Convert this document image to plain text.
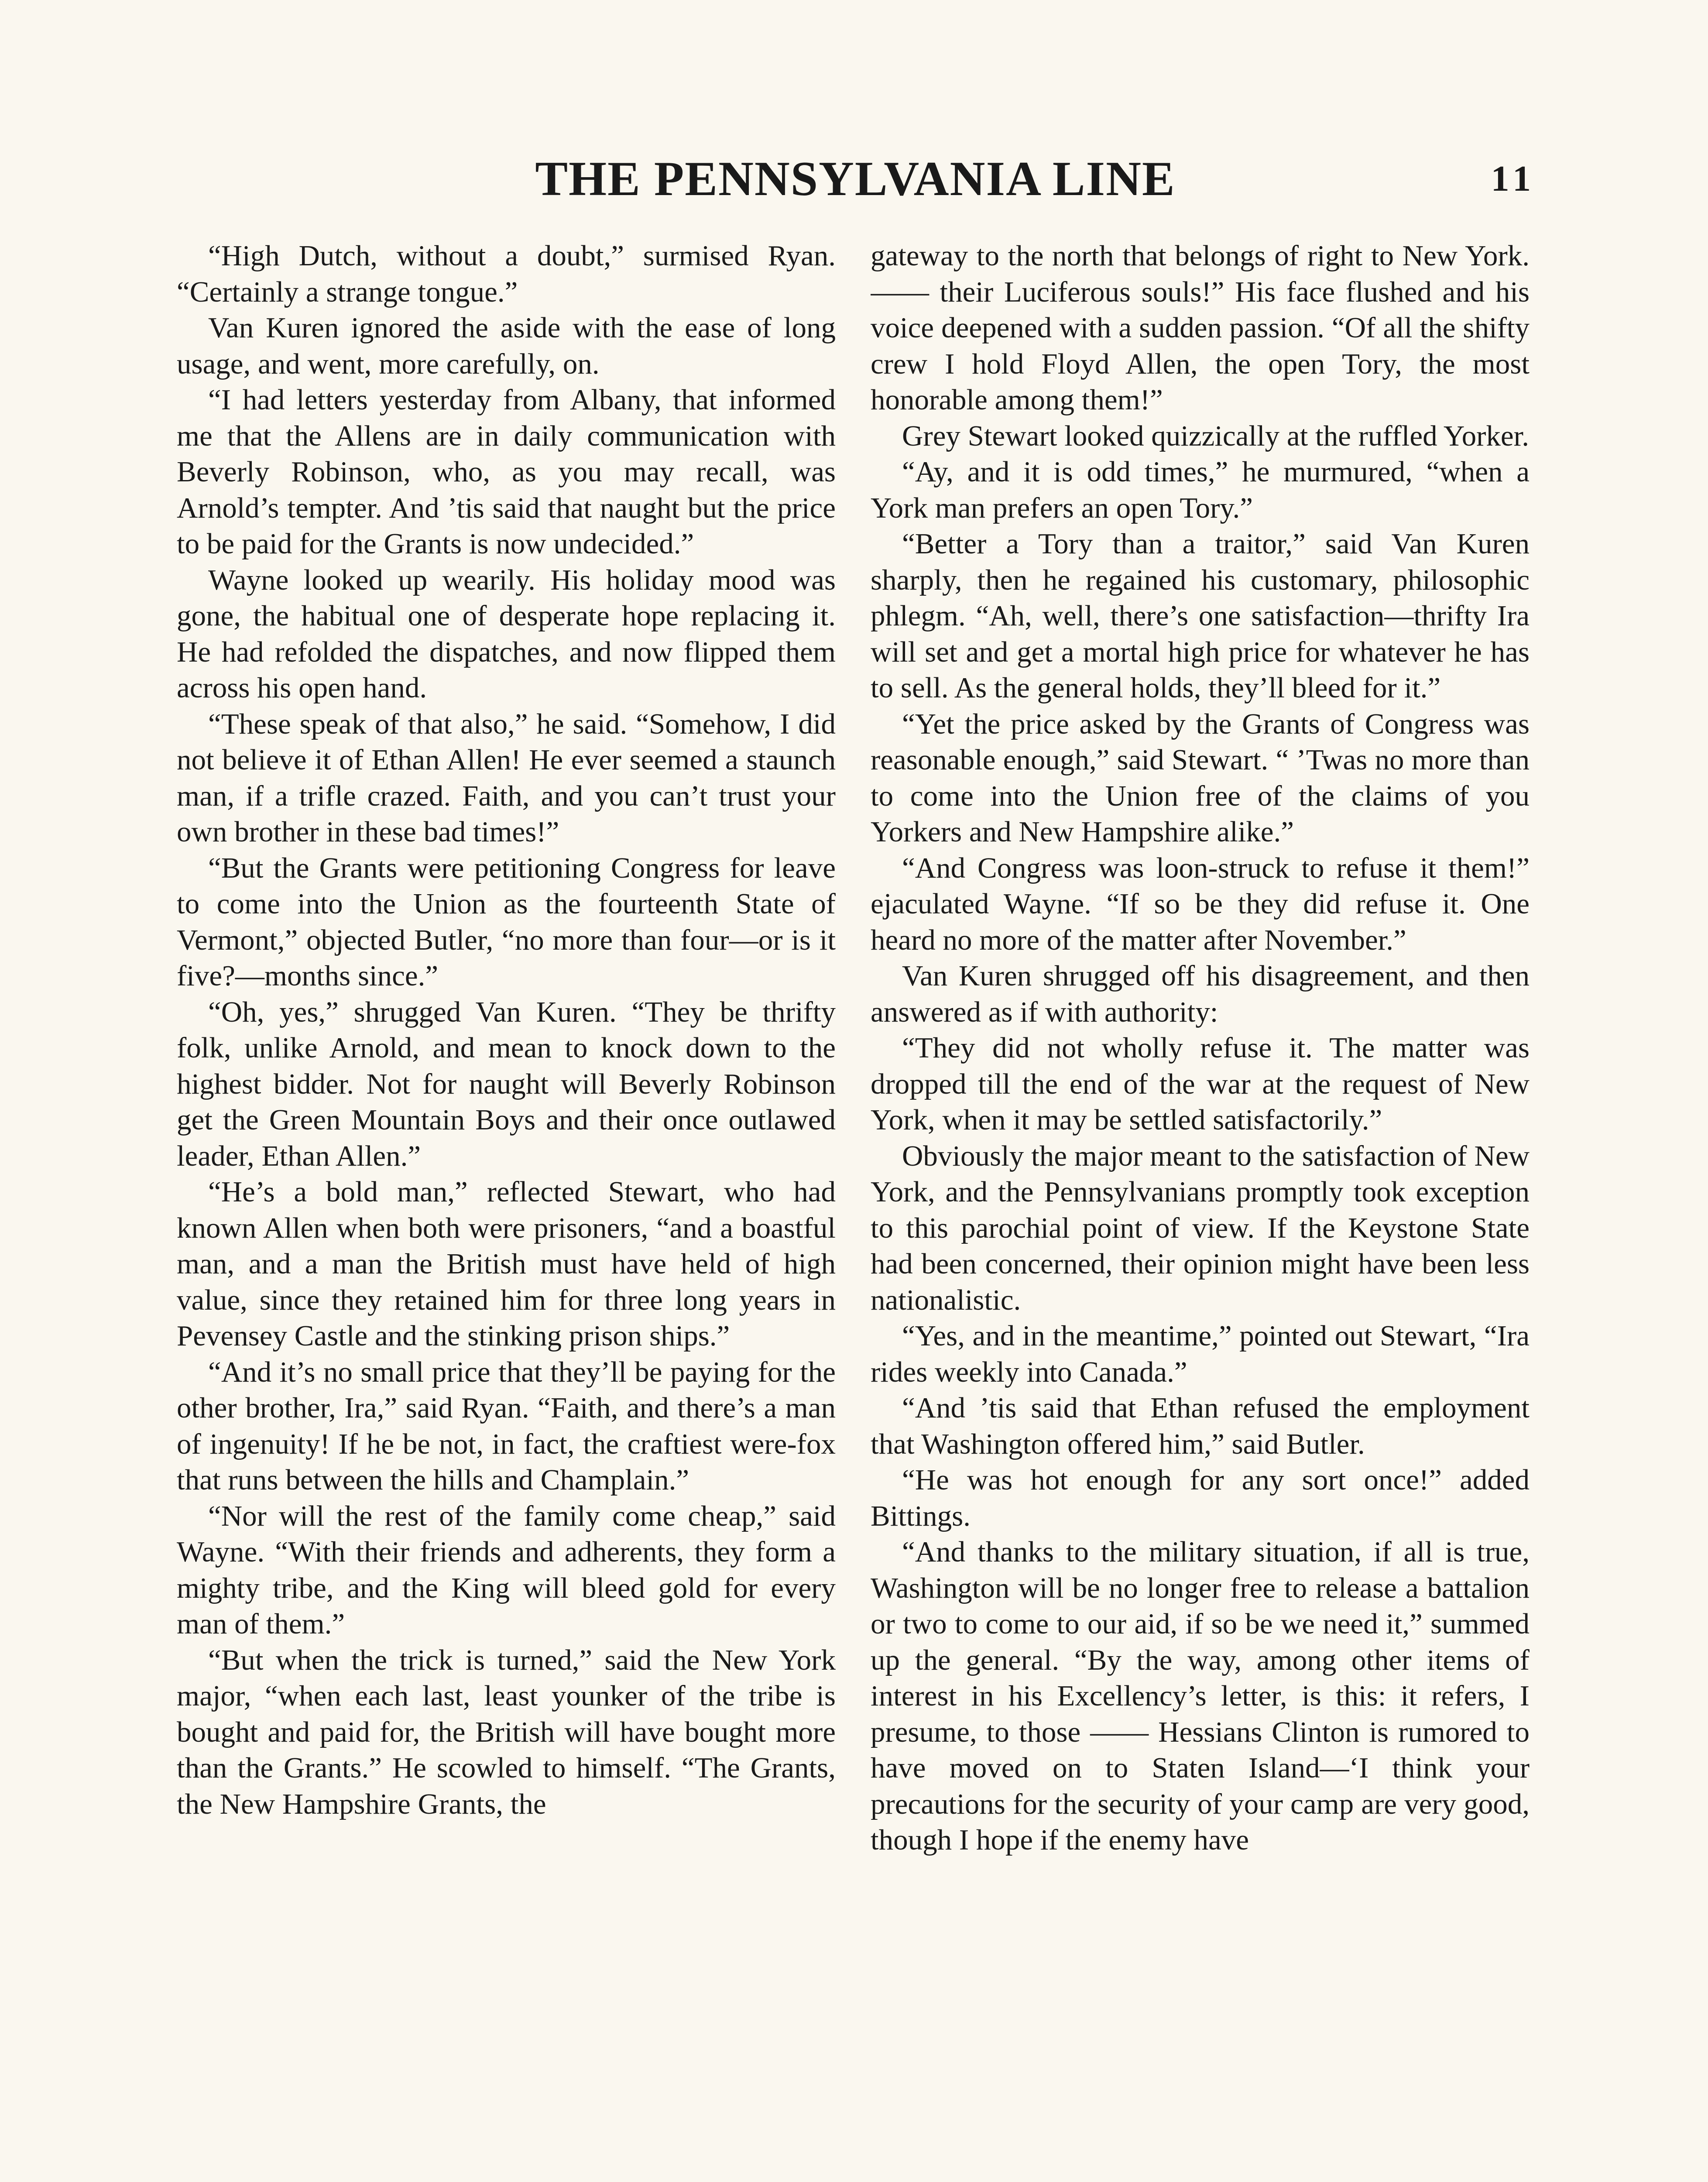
THE PENNSYLVANIA LINE	11

“High Dutch, without a doubt,” surmised Ryan. “Certainly a strange tongue.”

Van Kuren ignored the aside with the ease of long usage, and went, more carefully, on.

“I had letters yesterday from Albany, that informed me that the Allens are in daily communication with Beverly Robinson, who, as you may recall, was Arnold’s tempter. And ’tis said that naught but the price to be paid for the Grants is now undecided.”

Wayne looked up wearily. His holiday mood was gone, the habitual one of desperate hope replacing it. He had refolded the dispatches, and now flipped them across his open hand.

“These speak of that also,” he said. “Somehow, I did not believe it of Ethan Allen! He ever seemed a staunch man, if a trifle crazed. Faith, and you can’t trust your own brother in these bad times!”

“But the Grants were petitioning Congress for leave to come into the Union as the fourteenth State of Vermont,” objected Butler, “no more than four—or is it five?—months since.”

“Oh, yes,” shrugged Van Kuren. “They be thrifty folk, unlike Arnold, and mean to knock down to the highest bidder. Not for naught will Beverly Robinson get the Green Mountain Boys and their once outlawed leader, Ethan Allen.”

“He’s a bold man,” reflected Stewart, who had known Allen when both were prisoners, “and a boastful man, and a man the British must have held of high value, since they retained him for three long years in Pevensey Castle and the stinking prison ships.”

“And it’s no small price that they’ll be paying for the other brother, Ira,” said Ryan. “Faith, and there’s a man of ingenuity! If he be not, in fact, the craftiest were-fox that runs between the hills and Champlain.”

“Nor will the rest of the family come cheap,” said Wayne. “With their friends and adherents, they form a mighty tribe, and the King will bleed gold for every man of them.”

“But when the trick is turned,” said the New York major, “when each last, least younker of the tribe is bought and paid for, the British will have bought more than the Grants.” He scowled to himself. “The Grants, the New Hampshire Grants, the

gateway to the north that belongs of right to New York. —— their Luciferous souls!” His face flushed and his voice deepened with a sudden passion. “Of all the shifty crew I hold Floyd Allen, the open Tory, the most honorable among them!”

Grey Stewart looked quizzically at the ruffled Yorker.

“Ay, and it is odd times,” he murmured, “when a York man prefers an open Tory.”

“Better a Tory than a traitor,” said Van Kuren sharply, then he regained his customary, philosophic phlegm. “Ah, well, there’s one satisfaction—thrifty Ira will set and get a mortal high price for whatever he has to sell. As the general holds, they’ll bleed for it.”

“Yet the price asked by the Grants of Congress was reasonable enough,” said Stewart. “ ’Twas no more than to come into the Union free of the claims of you Yorkers and New Hampshire alike.”

“And Congress was loon-struck to refuse it them!” ejaculated Wayne. “If so be they did refuse it. One heard no more of the matter after November.”

Van Kuren shrugged off his disagreement, and then answered as if with authority:

“They did not wholly refuse it. The matter was dropped till the end of the war at the request of New York, when it may be settled satisfactorily.”

Obviously the major meant to the satisfaction of New York, and the Pennsylvanians promptly took exception to this parochial point of view. If the Keystone State had been concerned, their opinion might have been less nationalistic.

“Yes, and in the meantime,” pointed out Stewart, “Ira rides weekly into Canada.”

“And ’tis said that Ethan refused the employment that Washington offered him,” said Butler.

“He was hot enough for any sort once!” added Bittings.

“And thanks to the military situation, if all is true, Washington will be no longer free to release a battalion or two to come to our aid, if so be we need it,” summed up the general. “By the way, among other items of interest in his Excellency’s letter, is this: it refers, I presume, to those —— Hessians Clinton is rumored to have moved on to Staten Island—‘I think your precautions for the security of your camp are very good, though I hope if the enemy have
